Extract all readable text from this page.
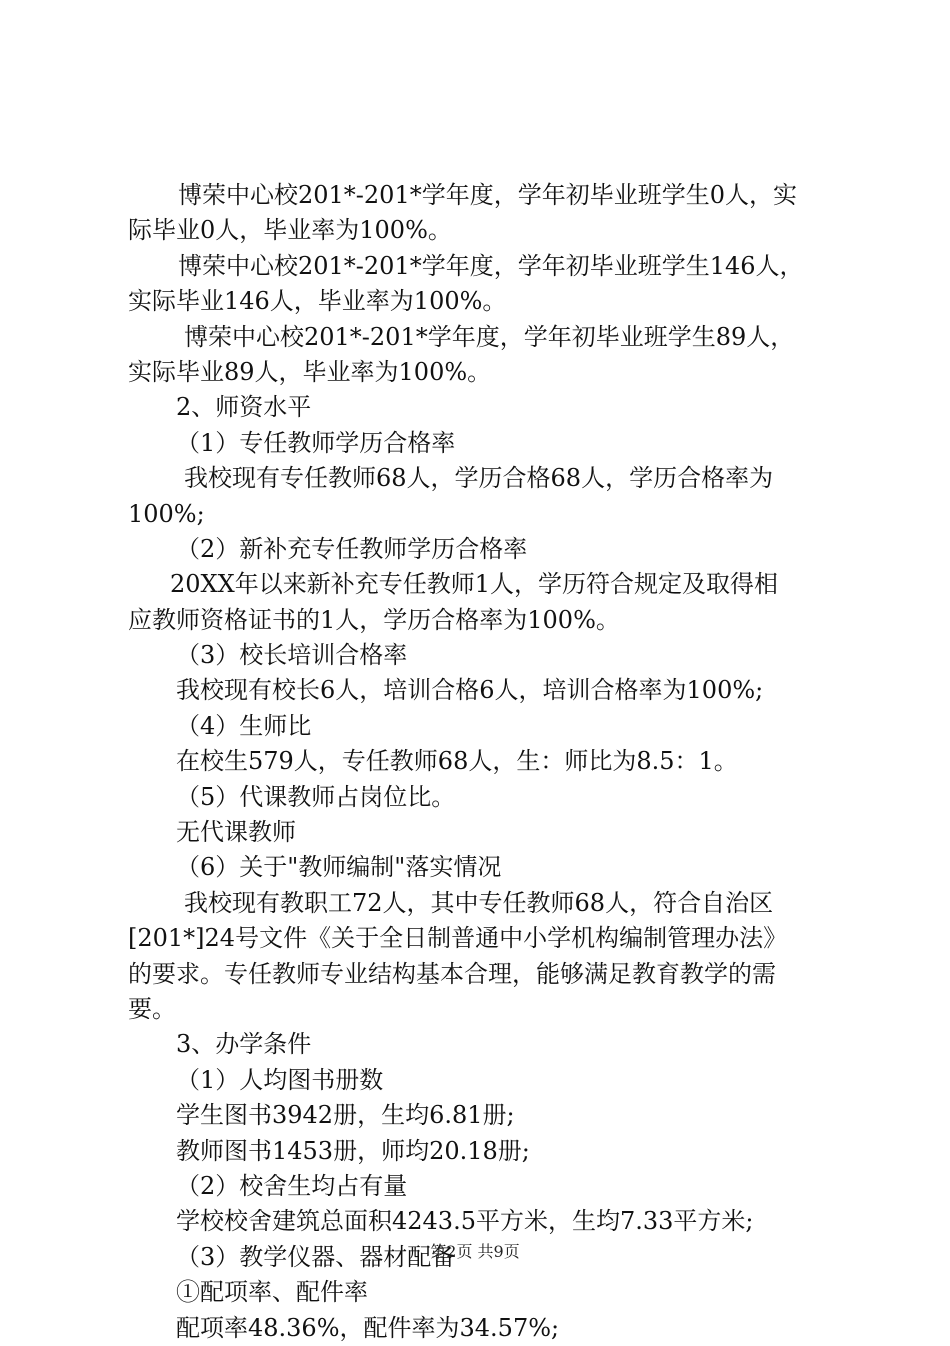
博荣中心校201*-201*学年度，学年初毕业班学生0人，实
际毕业0人，毕业率为100%。
博荣中心校201*-201*学年度，学年初毕业班学生146人，
实际毕业146人，毕业率为100%。
博荣中心校201*-201*学年度，学年初毕业班学生89人，
实际毕业89人，毕业率为100%。
2、师资水平
（1）专任教师学历合格率
我校现有专任教师68人，学历合格68人，学历合格率为
100%;
（2）新补充专任教师学历合格率
20XX年以来新补充专任教师1人，学历符合规定及取得相
应教师资格证书的1人，学历合格率为100%。
（3）校长培训合格率
我校现有校长6人，培训合格6人，培训合格率为100%;
（4）生师比
在校生579人，专任教师68人，生：师比为8.5：1。
（5）代课教师占岗位比。
无代课教师
（6）关于"教师编制"落实情况
我校现有教职工72人，其中专任教师68人，符合自治区
[201*]24号文件《关于全日制普通中小学机构编制管理办法》
的要求。专任教师专业结构基本合理，能够满足教育教学的需
要。
3、办学条件
（1）人均图书册数
学生图书3942册，生均6.81册;
教师图书1453册，师均20.18册;
（2）校舍生均占有量
学校校舍建筑总面积4243.5平方米，生均7.33平方米;
（3）教学仪器、器材配备
①配项率、配件率
配项率48.36%，配件率为34.57%;
第2页 共9页
